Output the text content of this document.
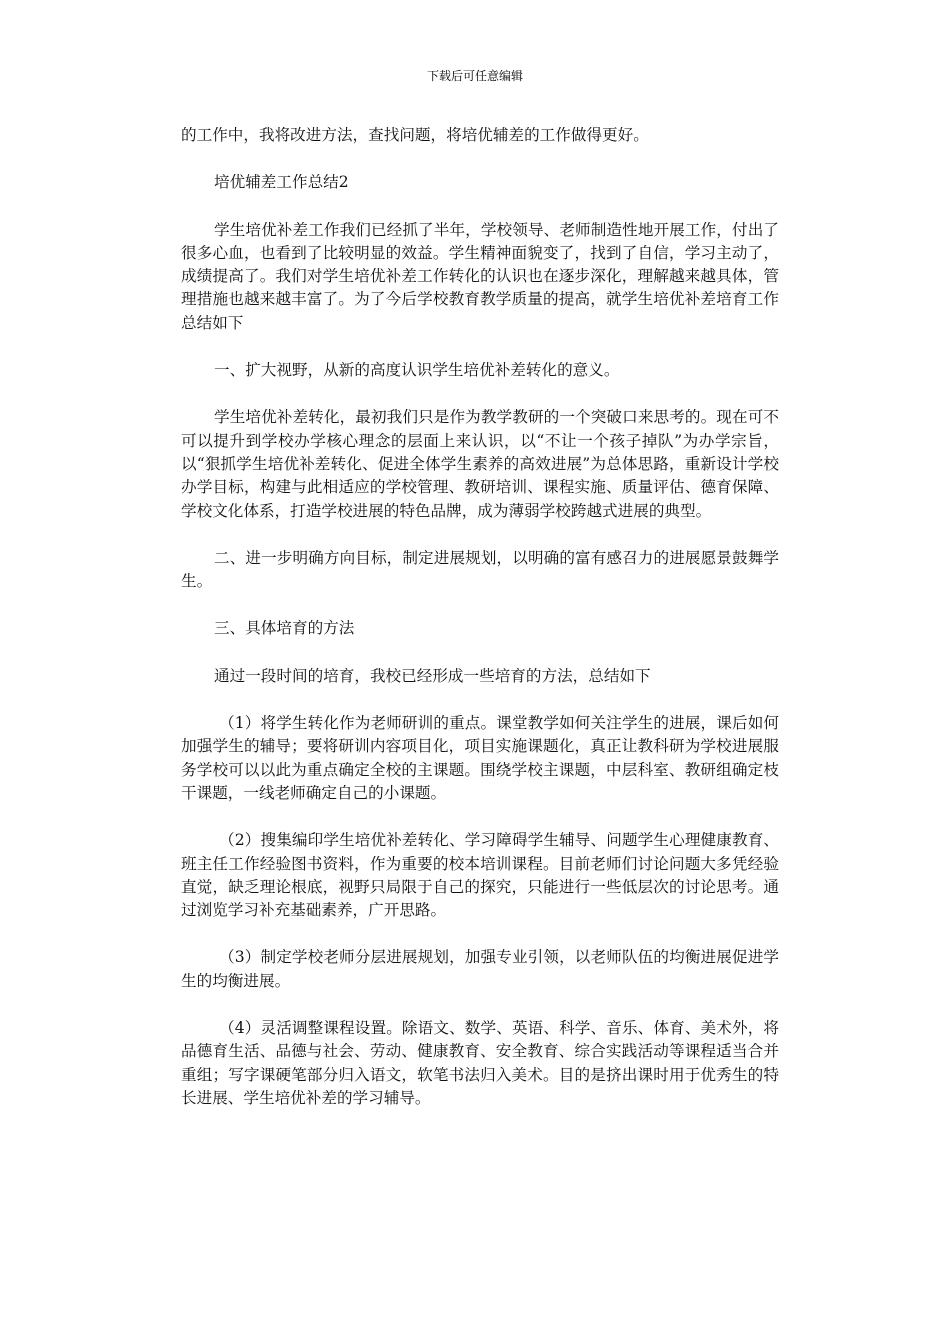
下载后可任意编辑

的工作中，我将改进方法，查找问题，将培优辅差的工作做得更好。

培优辅差工作总结2

学生培优补差工作我们已经抓了半年，学校领导、老师制造性地开展工作，付出了很多心血，也看到了比较明显的效益。学生精神面貌变了，找到了自信，学习主动了，成绩提高了。我们对学生培优补差工作转化的认识也在逐步深化，理解越来越具体，管理措施也越来越丰富了。为了今后学校教育教学质量的提高，就学生培优补差培育工作总结如下

一、扩大视野，从新的高度认识学生培优补差转化的意义。

学生培优补差转化，最初我们只是作为教学教研的一个突破口来思考的。现在可不可以提升到学校办学核心理念的层面上来认识，以“不让一个孩子掉队”为办学宗旨，以“狠抓学生培优补差转化、促进全体学生素养的高效进展”为总体思路，重新设计学校办学目标，构建与此相适应的学校管理、教研培训、课程实施、质量评估、德育保障、学校文化体系，打造学校进展的特色品牌，成为薄弱学校跨越式进展的典型。

二、进一步明确方向目标，制定进展规划，以明确的富有感召力的进展愿景鼓舞学生。

三、具体培育的方法

通过一段时间的培育，我校已经形成一些培育的方法，总结如下

（1）将学生转化作为老师研训的重点。课堂教学如何关注学生的进展，课后如何加强学生的辅导；要将研训内容项目化，项目实施课题化，真正让教科研为学校进展服务学校可以以此为重点确定全校的主课题。围绕学校主课题，中层科室、教研组确定枝干课题，一线老师确定自己的小课题。

（2）搜集编印学生培优补差转化、学习障碍学生辅导、问题学生心理健康教育、班主任工作经验图书资料，作为重要的校本培训课程。目前老师们讨论问题大多凭经验直觉，缺乏理论根底，视野只局限于自己的探究，只能进行一些低层次的讨论思考。通过浏览学习补充基础素养，广开思路。

（3）制定学校老师分层进展规划，加强专业引领，以老师队伍的均衡进展促进学生的均衡进展。

（4）灵活调整课程设置。除语文、数学、英语、科学、音乐、体育、美术外，将品德育生活、品德与社会、劳动、健康教育、安全教育、综合实践活动等课程适当合并重组；写字课硬笔部分归入语文，软笔书法归入美术。目的是挤出课时用于优秀生的特长进展、学生培优补差的学习辅导。
